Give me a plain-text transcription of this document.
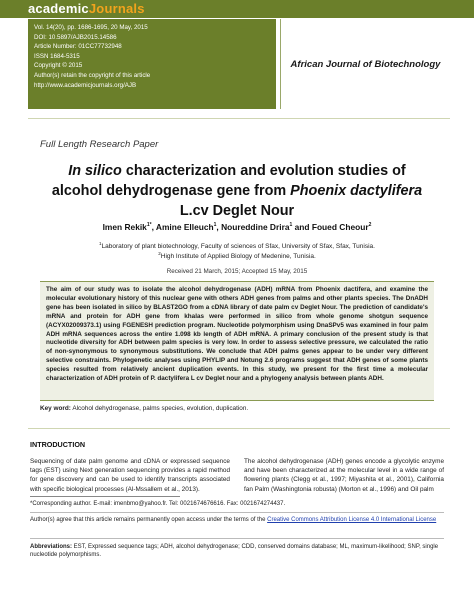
academicJournals
Vol. 14(20), pp. 1686-1695, 20 May, 2015
DOI: 10.5897/AJB2015.14586
Article Number: 01CC77732948
ISSN 1684-5315
Copyright © 2015
Author(s) retain the copyright of this article
http://www.academicjournals.org/AJB
African Journal of Biotechnology
Full Length Research Paper
In silico characterization and evolution studies of
alcohol dehydrogenase gene from Phoenix dactylifera
L.cv Deglet Nour
Imen Rekik$^{1*}$, Amine Elleuch$^1$, Noureddine Drira$^1$ and Foued Cheour$^2$
$^1$Laboratory of plant biotechnology, Faculty of sciences of Sfax, University of Sfax, Sfax, Tunisia.
$^2$High Institute of Applied Biology of Medenine, Tunisia.
Received 21 March, 2015; Accepted 15 May, 2015
The aim of our study was to isolate the alcohol dehydrogenase (ADH) mRNA from Phoenix dactifera, and examine the molecular evolutionary history of this nuclear gene with others ADH genes from palms and other plants species. The DnADH gene has been isolated in silico by BLAST2GO from a cDNA library of date palm cv Deglet Nour. The prediction of candidate's mRNA and protein for ADH gene from khalas were performed in silico from whole genome shotgun sequence (ACYX02009373.1) using FGENESH prediction program. Nucleotide polymorphism using DnaSPv5 was examined in four palm ADH mRNA sequences across the entire 1.098 kb length of ADH mRNA. A primary conclusion of the present study is that nucleotide diversity for ADH between palm species is very low. In order to assess selective pressure, we calculated the ratio of non-synonymous to synonymous substitutions. We conclude that ADH palms genes appear to be under very different selective constraints. Phylogenetic analyses using PHYLIP and Notung 2.6 programs suggest that ADH genes of some plants species resulted from relatively ancient duplication events. In this study, we present for the first time a molecular characterization of ADH protein of P. dactylifera L cv Deglet nour and a phylogeny analysis between plants ADH.
Key word: Alcohol dehydrogenase, palms species, evolution, duplication.
INTRODUCTION
Sequencing of date palm genome and cDNA or expressed sequence tags (EST) using Next generation sequencing provides a rapid method for gene discovery and can be used to identify transcripts associated with specific biological processes (Al-Mssallem et al., 2013).
The alcohol dehydrogenase (ADH) genes encode a glycolytic enzyme and have been characterized at the molecular level in a wide range of flowering plants (Clegg et al., 1997; Miyashita et al., 2001), California fan Palm (Washingtonia robusta) (Morton et al., 1996) and Oil palm
*Corresponding author. E-mail: imenbmo@yahoo.fr. Tel: 0021674676616. Fax: 0021674274437.
Author(s) agree that this article remains permanently open access under the terms of the Creative Commons Attribution License 4.0 International License
Abbreviations: EST, Expressed sequence tags; ADH, alcohol dehydrogenase; CDD, conserved domains database; ML, maximum-likelihood; SNP, single nucleotide polymorphisms.
